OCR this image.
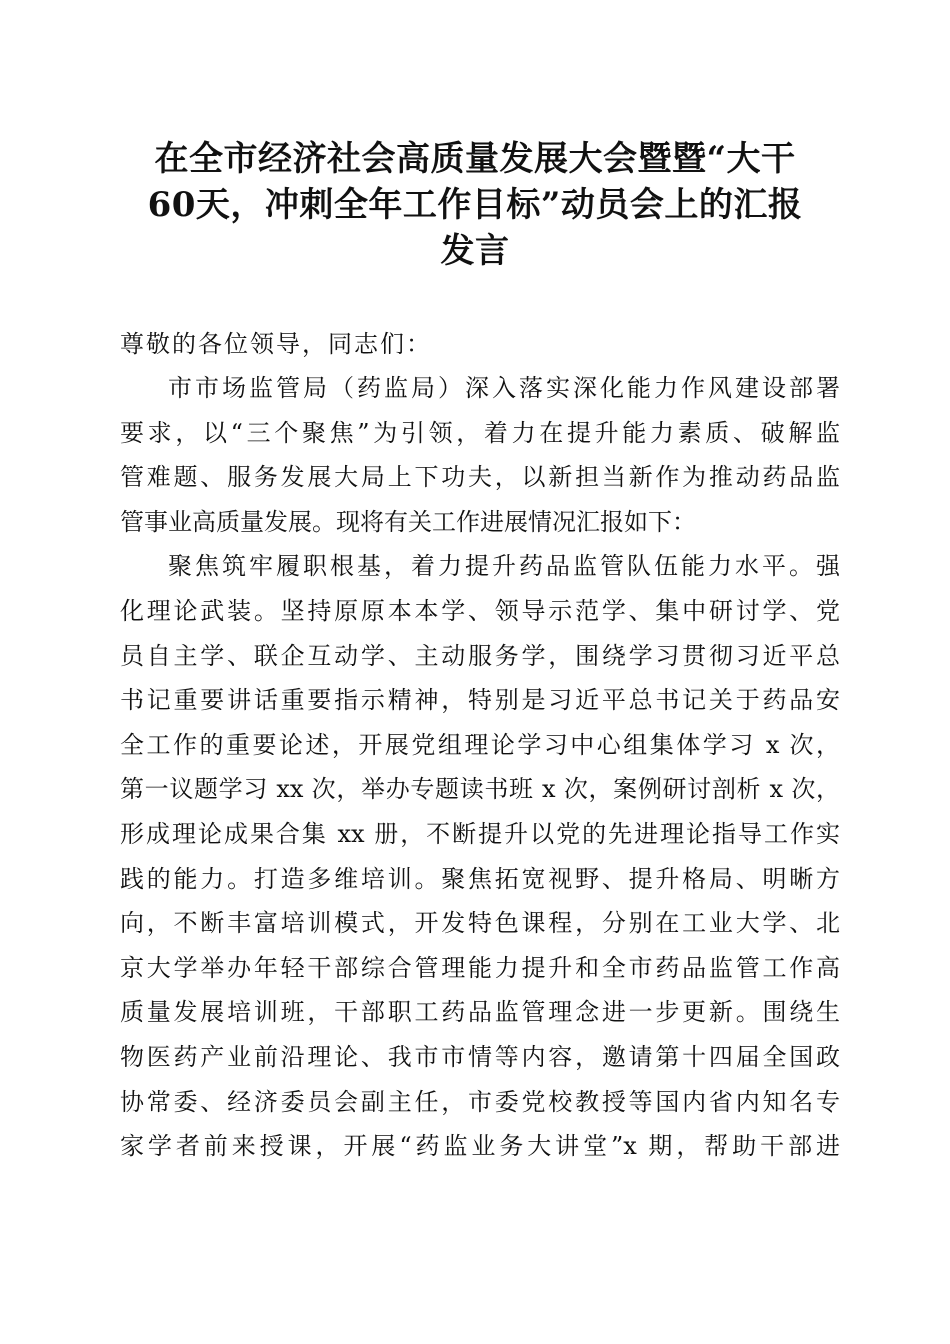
在全市经济社会高质量发展大会暨暨“大干
60天，冲刺全年工作目标”动员会上的汇报
发言

尊敬的各位领导，同志们：

市市场监管局（药监局）深入落实深化能力作风建设部署
要求，以“三个聚焦”为引领，着力在提升能力素质、破解监
管难题、服务发展大局上下功夫，以新担当新作为推动药品监
管事业高质量发展。现将有关工作进展情况汇报如下：
聚焦筑牢履职根基，着力提升药品监管队伍能力水平。强
化理论武装。坚持原原本本学、领导示范学、集中研讨学、党
员自主学、联企互动学、主动服务学，围绕学习贯彻习近平总
书记重要讲话重要指示精神，特别是习近平总书记关于药品安
全工作的重要论述，开展党组理论学习中心组集体学习 x 次，
第一议题学习 xx 次，举办专题读书班 x 次，案例研讨剖析 x 次，
形成理论成果合集 xx 册，不断提升以党的先进理论指导工作实
践的能力。打造多维培训。聚焦拓宽视野、提升格局、明晰方
向，不断丰富培训模式，开发特色课程，分别在工业大学、北
京大学举办年轻干部综合管理能力提升和全市药品监管工作高
质量发展培训班，干部职工药品监管理念进一步更新。围绕生
物医药产业前沿理论、我市市情等内容，邀请第十四届全国政
协常委、经济委员会副主任，市委党校教授等国内省内知名专
家学者前来授课，开展“药监业务大讲堂”x 期，帮助干部进
